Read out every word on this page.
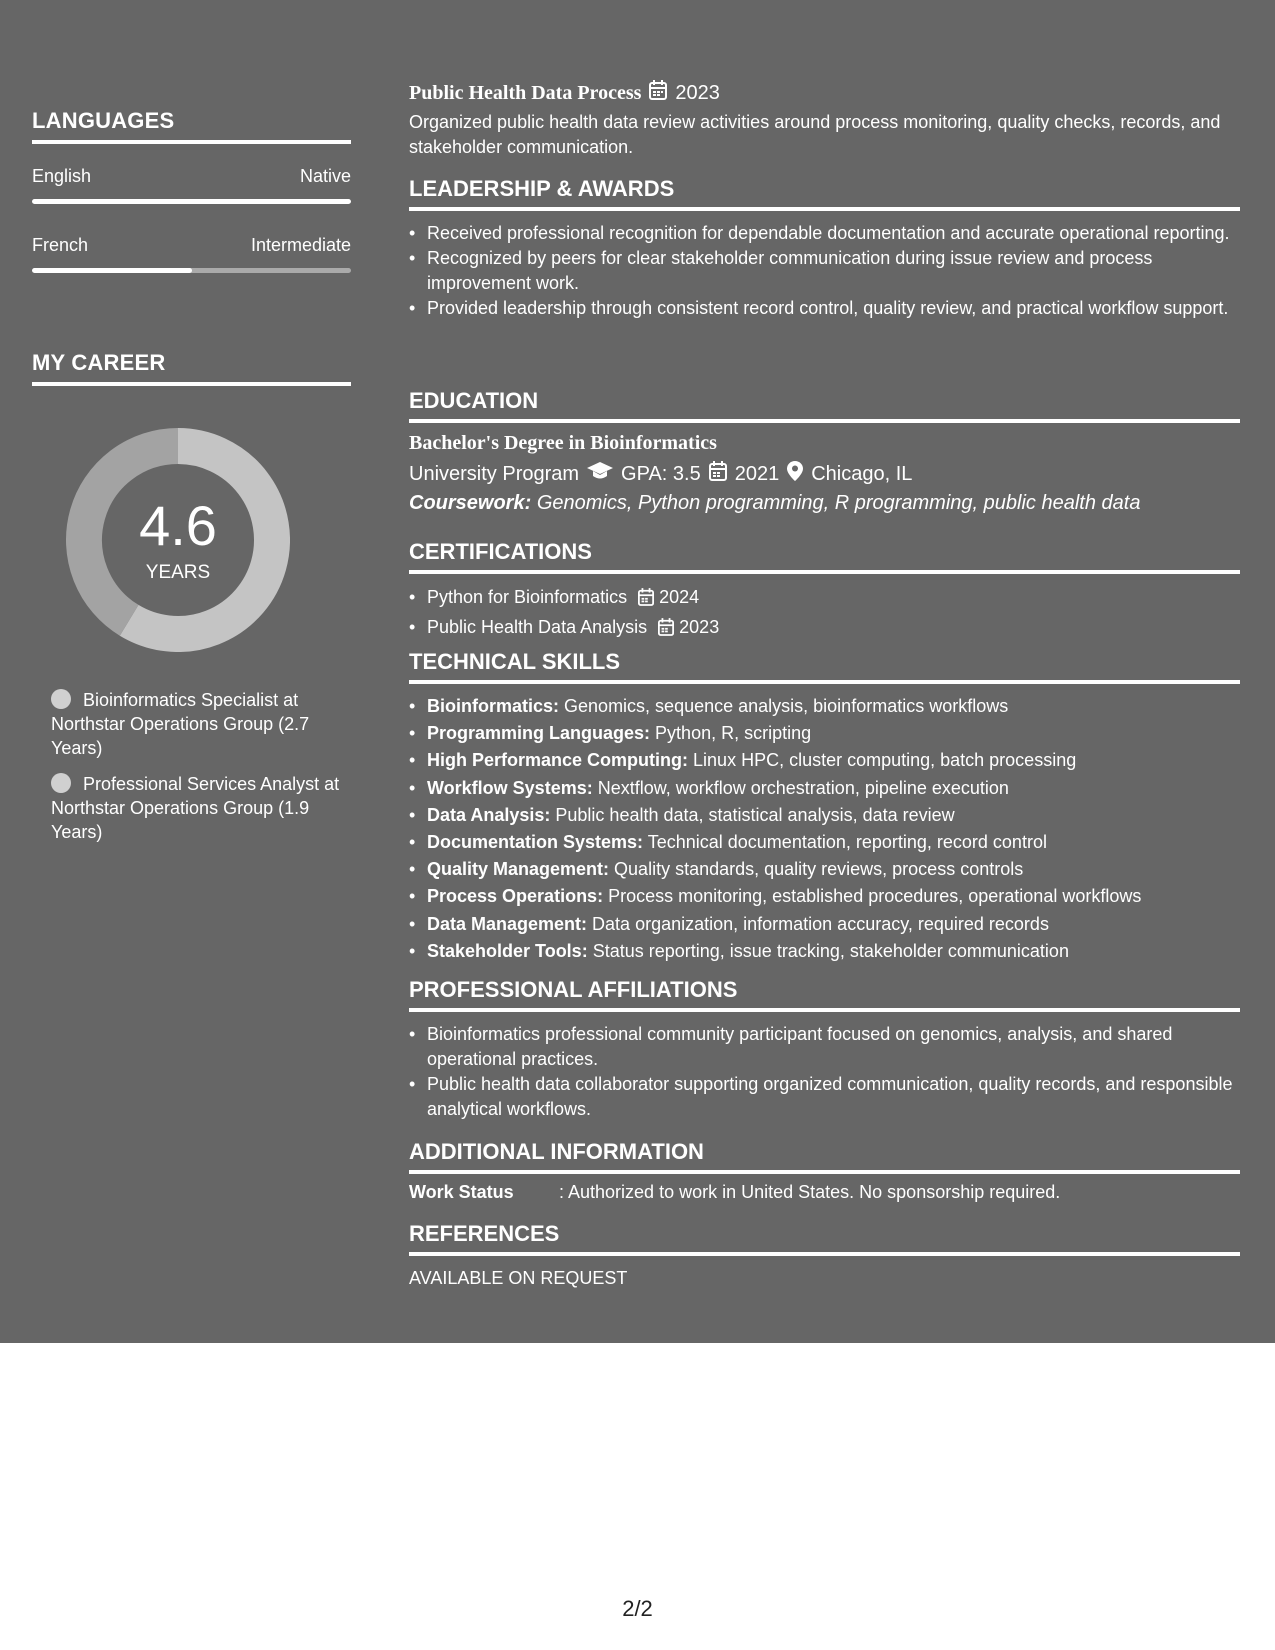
LANGUAGES
English	Native
French	Intermediate
MY CAREER
4.6
YEARS
Bioinformatics Specialist at Northstar Operations Group (2.7 Years)
Professional Services Analyst at Northstar Operations Group (1.9 Years)
Public Health Data Process 2023
Organized public health data review activities around process monitoring, quality checks, records, and stakeholder communication.
LEADERSHIP & AWARDS
• Received professional recognition for dependable documentation and accurate operational reporting.
• Recognized by peers for clear stakeholder communication during issue review and process improvement work.
• Provided leadership through consistent record control, quality review, and practical workflow support.
EDUCATION
Bachelor's Degree in Bioinformatics
University Program GPA: 3.5 2021 Chicago, IL
Coursework: Genomics, Python programming, R programming, public health data
CERTIFICATIONS
• Python for Bioinformatics 2024
• Public Health Data Analysis 2023
TECHNICAL SKILLS
• Bioinformatics: Genomics, sequence analysis, bioinformatics workflows
• Programming Languages: Python, R, scripting
• High Performance Computing: Linux HPC, cluster computing, batch processing
• Workflow Systems: Nextflow, workflow orchestration, pipeline execution
• Data Analysis: Public health data, statistical analysis, data review
• Documentation Systems: Technical documentation, reporting, record control
• Quality Management: Quality standards, quality reviews, process controls
• Process Operations: Process monitoring, established procedures, operational workflows
• Data Management: Data organization, information accuracy, required records
• Stakeholder Tools: Status reporting, issue tracking, stakeholder communication
PROFESSIONAL AFFILIATIONS
• Bioinformatics professional community participant focused on genomics, analysis, and shared operational practices.
• Public health data collaborator supporting organized communication, quality records, and responsible analytical workflows.
ADDITIONAL INFORMATION
Work Status	: Authorized to work in United States. No sponsorship required.
REFERENCES
AVAILABLE ON REQUEST
2/2
